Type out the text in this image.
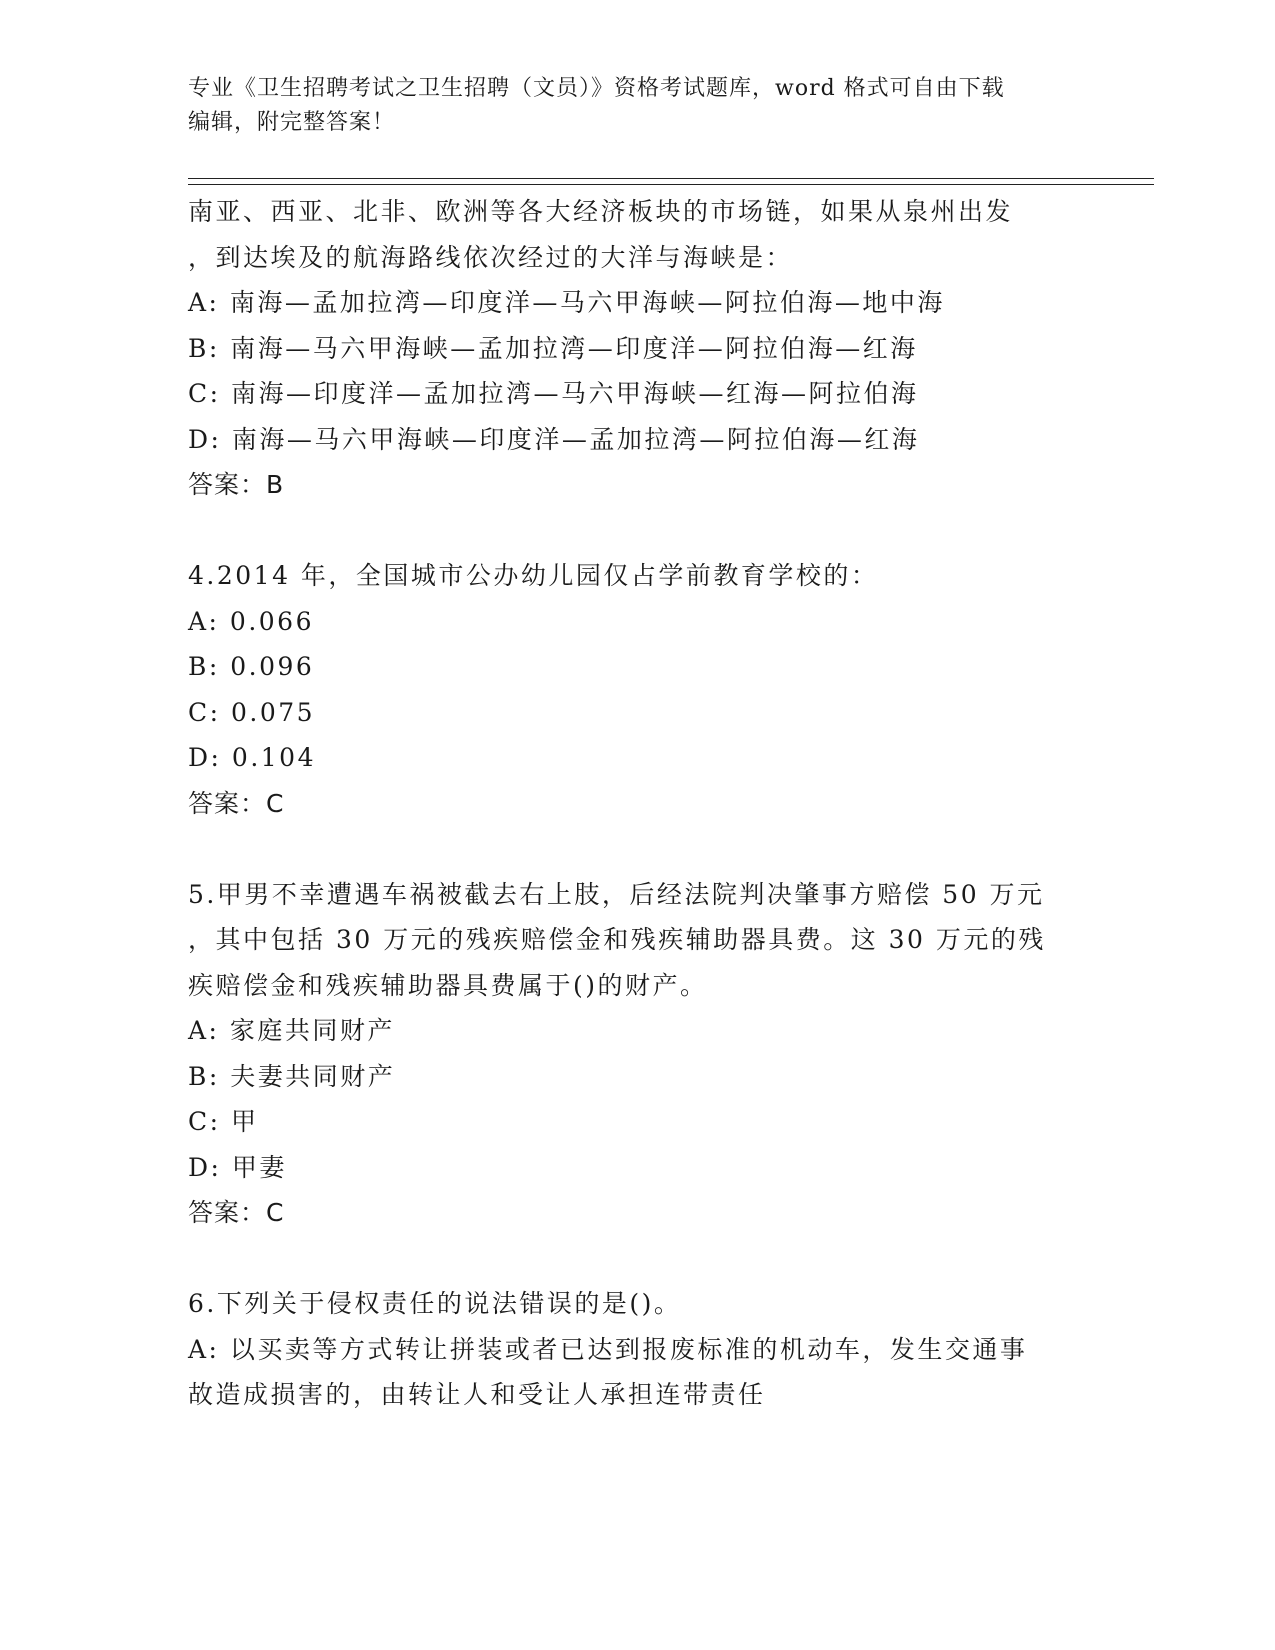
专业《卫生招聘考试之卫生招聘（文员）》资格考试题库，word 格式可自由下载
编辑，附完整答案！
南亚、西亚、北非、欧洲等各大经济板块的市场链，如果从泉州出发
，到达埃及的航海路线依次经过的大洋与海峡是：
A: 南海—孟加拉湾—印度洋—马六甲海峡—阿拉伯海—地中海
B: 南海—马六甲海峡—孟加拉湾—印度洋—阿拉伯海—红海
C: 南海—印度洋—孟加拉湾—马六甲海峡—红海—阿拉伯海
D: 南海—马六甲海峡—印度洋—孟加拉湾—阿拉伯海—红海
答案：B
4.2014 年，全国城市公办幼儿园仅占学前教育学校的：
A: 0.066
B: 0.096
C: 0.075
D: 0.104
答案：C
5.甲男不幸遭遇车祸被截去右上肢，后经法院判决肇事方赔偿 50 万元
，其中包括 30 万元的残疾赔偿金和残疾辅助器具费。这 30 万元的残
疾赔偿金和残疾辅助器具费属于()的财产。
A: 家庭共同财产
B: 夫妻共同财产
C: 甲
D: 甲妻
答案：C
6.下列关于侵权责任的说法错误的是()。
A: 以买卖等方式转让拼装或者已达到报废标准的机动车，发生交通事
故造成损害的，由转让人和受让人承担连带责任
